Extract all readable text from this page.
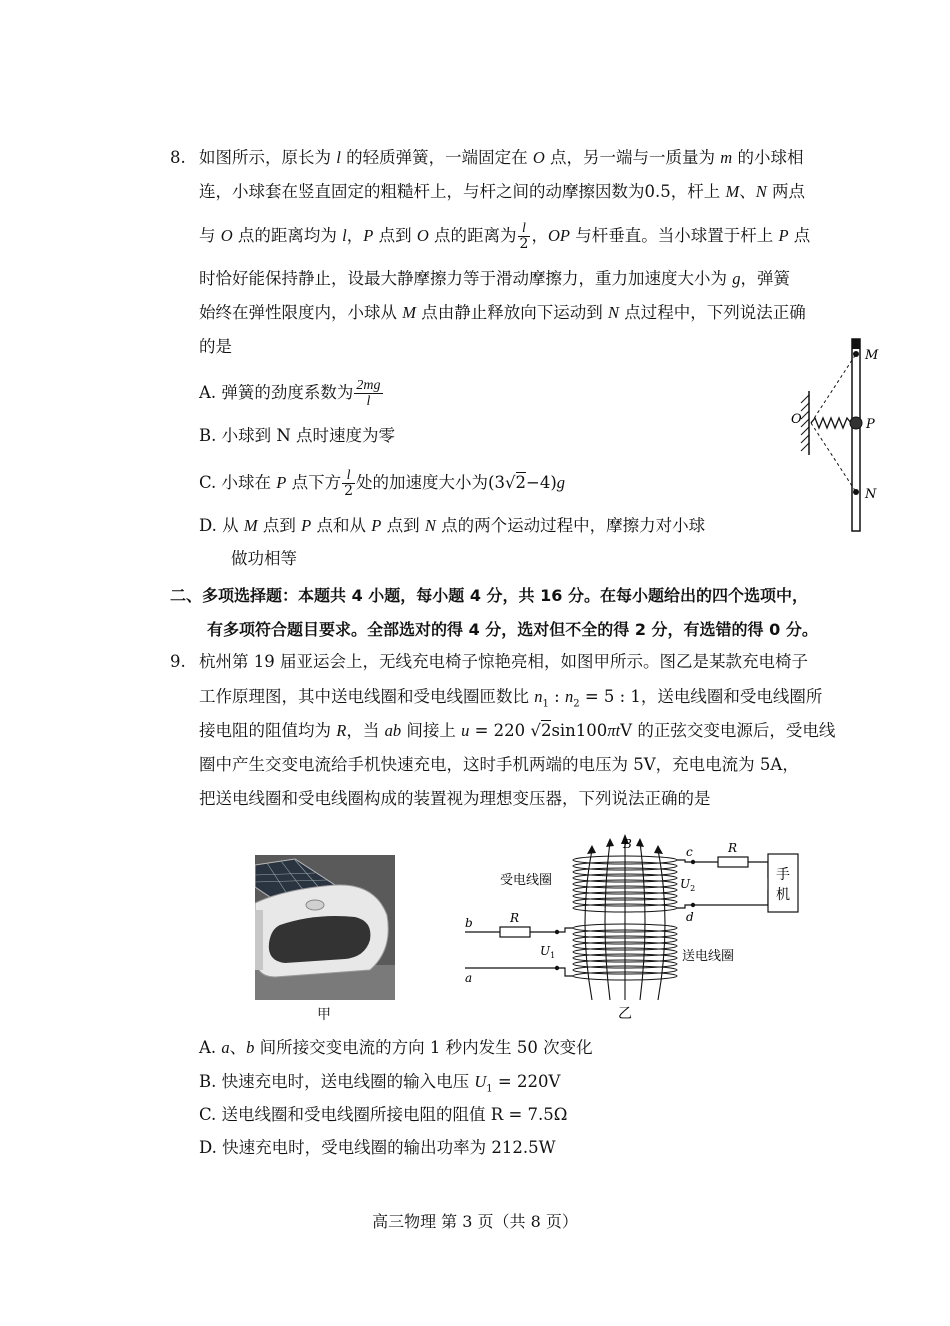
8. 如图所示，原长为 l 的轻质弹簧，一端固定在 O 点，另一端与一质量为 m 的小球相
连，小球套在竖直固定的粗糙杆上，与杆之间的动摩擦因数为0.5，杆上 M、N 两点
与 O 点的距离均为 l，P 点到 O 点的距离为 $\frac{l}{2}$ ，OP 与杆垂直。当小球置于杆上 P 点
时恰好能保持静止，设最大静摩擦力等于滑动摩擦力，重力加速度大小为 g，弹簧
始终在弹性限度内，小球从 M 点由静止释放向下运动到 N 点过程中，下列说法正确
的是
A. 弹簧的劲度系数为 $\frac{2mg}{l}$
B. 小球到 N 点时速度为零
C. 小球在 P 点下方 $\frac{l}{2}$ 处的加速度大小为(3√2−4)g
D. 从 M 点到 P 点和从 P 点到 N 点的两个运动过程中，摩擦力对小球
做功相等
M
P
N
O
二、多项选择题：本题共 4 小题，每小题 4 分，共 16 分。在每小题给出的四个选项中，
有多项符合题目要求。全部选对的得 4 分，选对但不全的得 2 分，有选错的得 0 分。
9. 杭州第 19 届亚运会上，无线充电椅子惊艳亮相，如图甲所示。图乙是某款充电椅子
工作原理图，其中送电线圈和受电线圈匝数比 $n_1$ : $n_2 = 5$ : 1，送电线圈和受电线圈所
接电阻的阻值均为 R，当 ab 间接上 u = 220 √2sin100πtV 的正弦交变电源后，受电线
圈中产生交变电流给手机快速充电，这时手机两端的电压为 5V，充电电流为 5A，
把送电线圈和受电线圈构成的装置视为理想变压器，下列说法正确的是
甲
B	R
手
机
c
d
$U_2$
受电线圈
R
$U_1$
b
a
送电线圈
乙
A. a、b 间所接交变电流的方向 1 秒内发生 50 次变化
B. 快速充电时，送电线圈的输入电压 $U_1 = 220V$
C. 送电线圈和受电线圈所接电阻的阻值 R = 7.5Ω
D. 快速充电时，受电线圈的输出功率为 212.5W
高三物理 第 3 页（共 8 页）
